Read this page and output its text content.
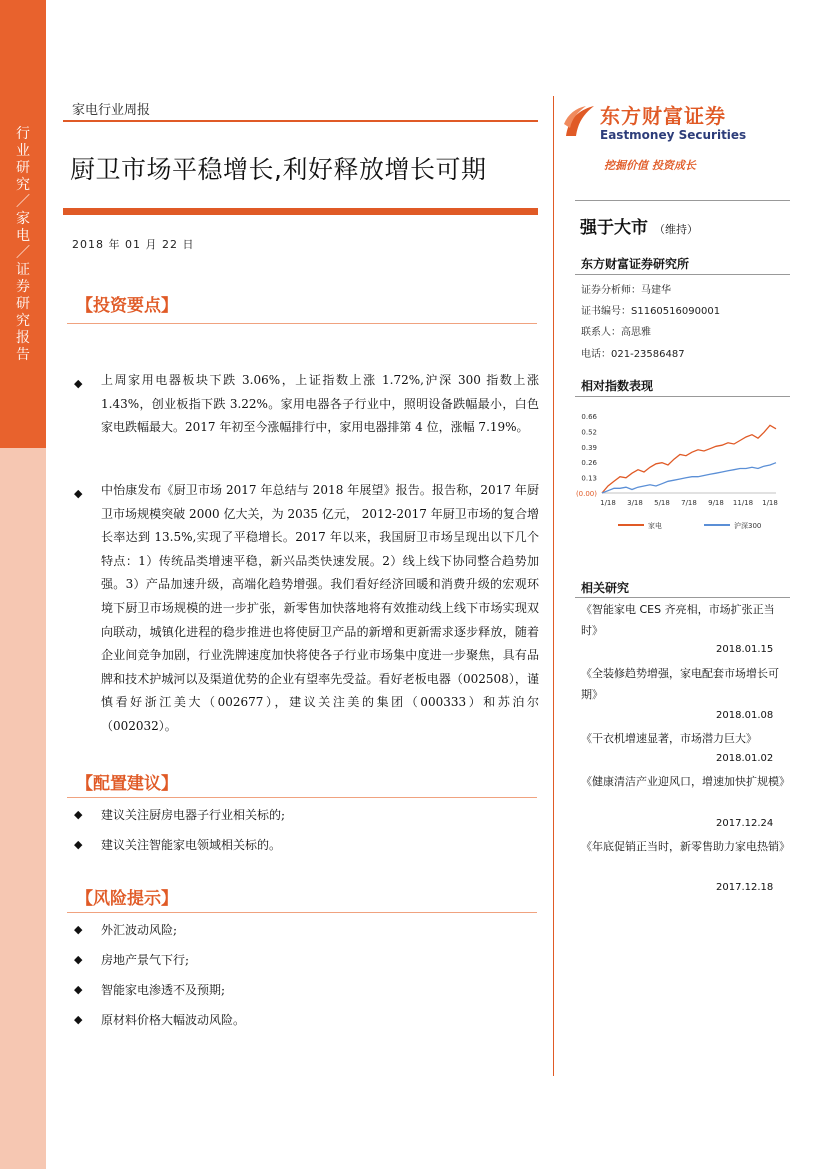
行业研究／家电／证券研究报告
家电行业周报
厨卫市场平稳增长,利好释放增长可期
2018 年 01 月 22 日
【投资要点】
◆ 上周家用电器板块下跌 3.06%，上证指数上涨 1.72%,沪深 300 指数上涨 1.43%，创业板指下跌 3.22%。家用电器各子行业中，照明设备跌幅最小，白色家电跌幅最大。2017 年初至今涨幅排行中，家用电器排第 4 位，涨幅 7.19%。
◆ 中怡康发布《厨卫市场 2017 年总结与 2018 年展望》报告。报告称，2017 年厨卫市场规模突破 2000 亿大关，为 2035 亿元， 2012-2017 年厨卫市场的复合增长率达到 13.5%,实现了平稳增长。2017 年以来，我国厨卫市场呈现出以下几个特点：1）传统品类增速平稳，新兴品类快速发展。2）线上线下协同整合趋势加强。3）产品加速升级，高端化趋势增强。我们看好经济回暖和消费升级的宏观环境下厨卫市场规模的进一步扩张，新零售加快落地将有效推动线上线下市场实现双向联动，城镇化进程的稳步推进也将使厨卫产品的新增和更新需求逐步释放，随着企业间竞争加剧，行业洗牌速度加快将使各子行业市场集中度进一步聚焦，具有品牌和技术护城河以及渠道优势的企业有望率先受益。看好老板电器（002508），谨慎看好浙江美大（002677），建议关注美的集团（000333）和苏泊尔（002032）。
【配置建议】
◆ 建议关注厨房电器子行业相关标的;
◆ 建议关注智能家电领域相关标的。
【风险提示】
◆ 外汇波动风险;
◆ 房地产景气下行;
◆ 智能家电渗透不及预期;
◆ 原材料价格大幅波动风险。
东方财富证券
Eastmoney Securities
挖掘价值 投资成长
强于大市 （维持）
东方财富证券研究所
证券分析师：马建华
证书编号：S1160516090001
联系人：高思雅
电话：021-23586487
相对指数表现
0.66
0.52
0.39
0.26
0.13
(0.00)
1/18 3/18 5/18 7/18 9/18 11/18 1/18
家电	沪深300
相关研究
《智能家电 CES 齐亮相，市场扩张正当时》
2018.01.15
《全装修趋势增强，家电配套市场增长可期》
2018.01.08
《干衣机增速显著，市场潜力巨大》
2018.01.02
《健康清洁产业迎风口，增速加快扩规模》
2017.12.24
《年底促销正当时，新零售助力家电热销》
2017.12.18
